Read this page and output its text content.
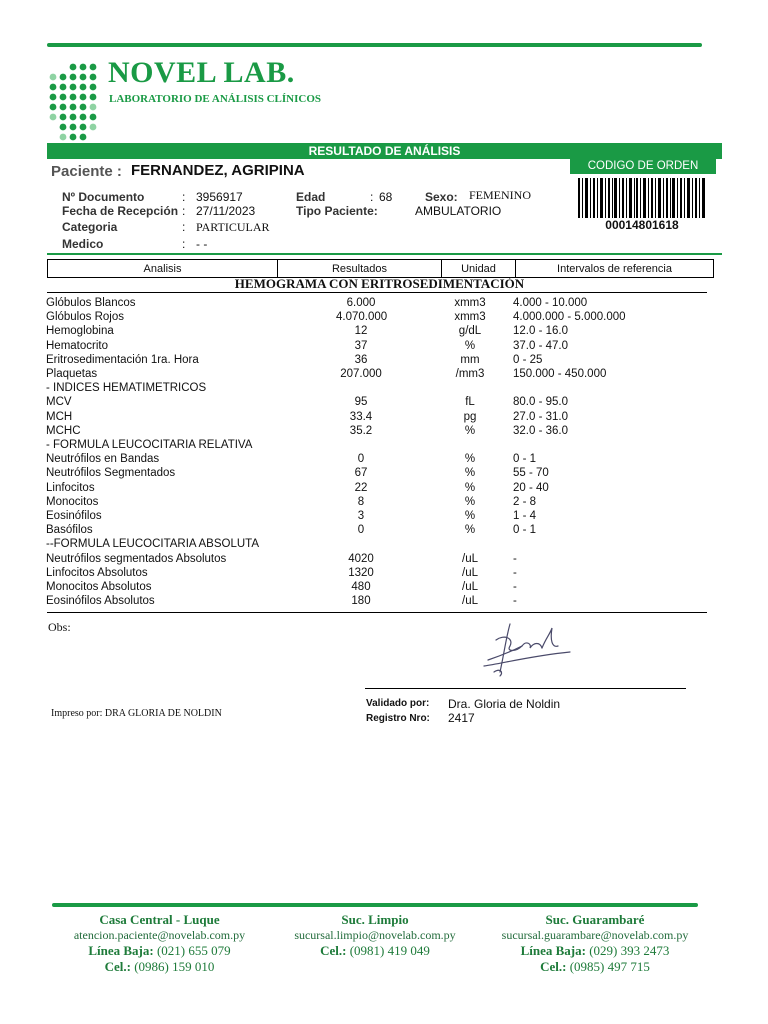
NOVEL LAB.
LABORATORIO DE ANÁLISIS CLÍNICOS
RESULTADO DE ANÁLISIS
Paciente : FERNANDEZ, AGRIPINA	CODIGO DE ORDEN
00014801618
Nº Documento	: 3956917
Fecha de Recepción : 27/11/2023
Categoria	: PARTICULAR
Medico	: - -
Edad	: 68
Tipo Paciente:	AMBULATORIO
Sexo: FEMENINO
Analisis	Resultados	Unidad	Intervalos de referencia
HEMOGRAMA CON ERITROSEDIMENTACIÓN
Glóbulos Blancos	6.000	xmm3	4.000 - 10.000
Glóbulos Rojos	4.070.000	xmm3	4.000.000 - 5.000.000
Hemoglobina	12	g/dL	12.0 - 16.0
Hematocrito	37	%	37.0 - 47.0
Eritrosedimentación 1ra. Hora	36	mm	0 - 25
Plaquetas	207.000	/mm3	150.000 - 450.000
- INDICES HEMATIMETRICOS
MCV	95	fL	80.0 - 95.0
MCH	33.4	pg	27.0 - 31.0
MCHC	35.2	%	32.0 - 36.0
- FORMULA LEUCOCITARIA RELATIVA
Neutrófilos en Bandas	0	%	0 - 1
Neutrófilos Segmentados	67	%	55 - 70
Linfocitos	22	%	20 - 40
Monocitos	8	%	2 - 8
Eosinófilos	3	%	1 - 4
Basófilos	0	%	0 - 1
--FORMULA LEUCOCITARIA ABSOLUTA
Neutrófilos segmentados Absolutos	4020	/uL	-
Linfocitos Absolutos	1320	/uL	-
Monocitos Absolutos	480	/uL	-
Eosinófilos Absolutos	180	/uL	-
Obs:
Impreso por: DRA GLORIA DE NOLDIN
Validado por: Dra. Gloria de Noldin
Registro Nro: 2417
Casa Central - Luque
atencion.paciente@novelab.com.py
Línea Baja: (021) 655 079
Cel.: (0986) 159 010
Suc. Limpio
sucursal.limpio@novelab.com.py
Cel.: (0981) 419 049
Suc. Guarambaré
sucursal.guarambare@novelab.com.py
Línea Baja: (029) 393 2473
Cel.: (0985) 497 715
